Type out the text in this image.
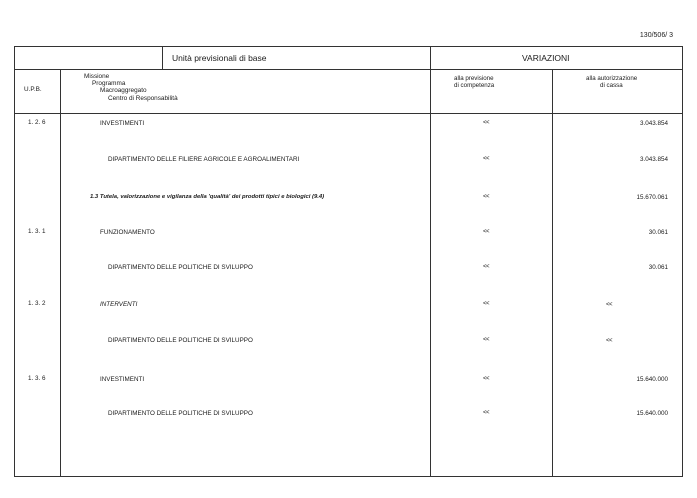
130/506/ 3
Unità previsionali di base	VARIAZIONI
U.P.B.
Missione
Programma
Macroaggregato
Centro di Responsabilità
alla previsione
di competenza
alla autorizzazione
di cassa
1. 2. 6	INVESTIMENTI	<<	3.043.854
DIPARTIMENTO DELLE FILIERE AGRICOLE E AGROALIMENTARI	<<	3.043.854
1.3 Tutela, valorizzazione e vigilanza della 'qualità' dei prodotti tipici e biologici (9.4)	<<	15.670.061
1. 3. 1	FUNZIONAMENTO	<<	30.061
DIPARTIMENTO DELLE POLITICHE DI SVILUPPO	<<	30.061
1. 3. 2	INTERVENTI	<<	<<
DIPARTIMENTO DELLE POLITICHE DI SVILUPPO	<<	<<
1. 3. 6	INVESTIMENTI	<<	15.640.000
DIPARTIMENTO DELLE POLITICHE DI SVILUPPO	<<	15.640.000
